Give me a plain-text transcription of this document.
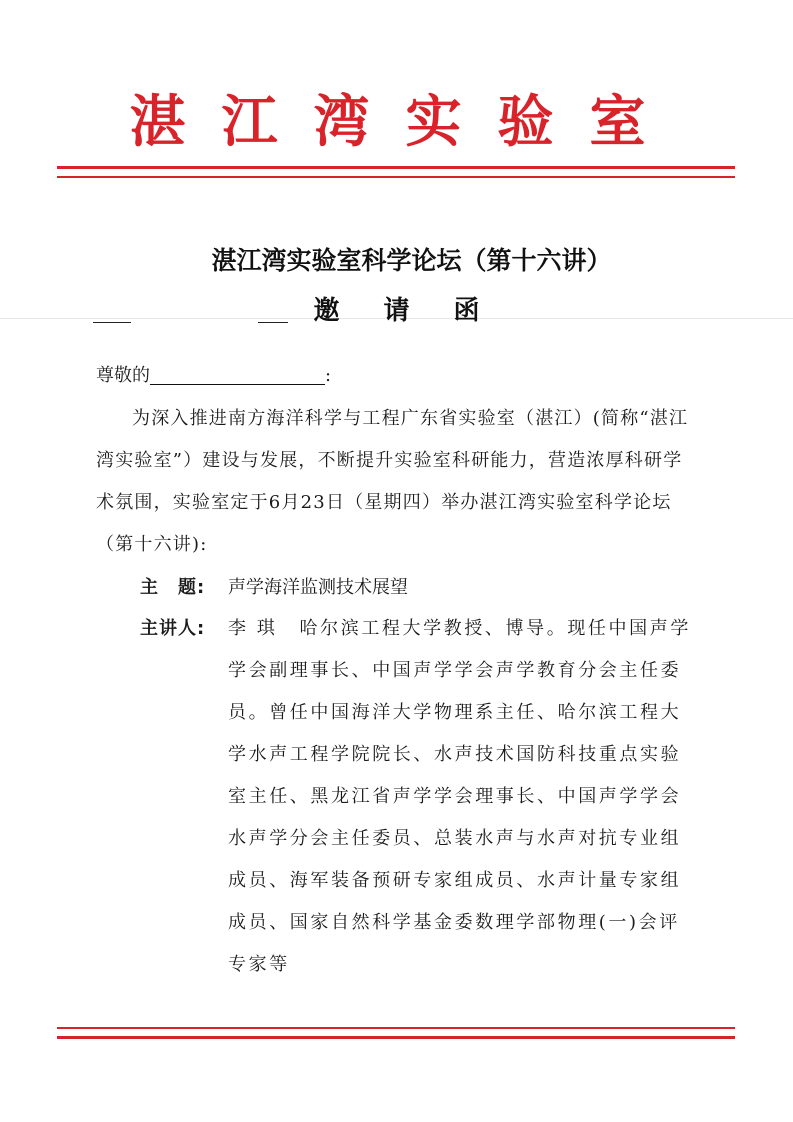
湛江湾实验室
湛江湾实验室科学论坛（第十六讲）
邀请函
尊敬的	:
为深入推进南方海洋科学与工程广东省实验室（湛江）(简称“湛江湾实验室”）建设与发展，不断提升实验室科研能力，营造浓厚科研学术氛围，实验室定于6月23日（星期四）举办湛江湾实验室科学论坛（第十六讲):
主　题: 声学海洋监测技术展望
主讲人:	李 琪 哈尔滨工程大学教授、博导。现任中国声学学会副理事长、中国声学学会声学教育分会主任委员。曾任中国海洋大学物理系主任、哈尔滨工程大学水声工程学院院长、水声技术国防科技重点实验室主任、黑龙江省声学学会理事长、中国声学学会水声学分会主任委员、总装水声与水声对抗专业组成员、海军装备预研专家组成员、水声计量专家组成员、国家自然科学基金委数理学部物理(一)会评专家等
